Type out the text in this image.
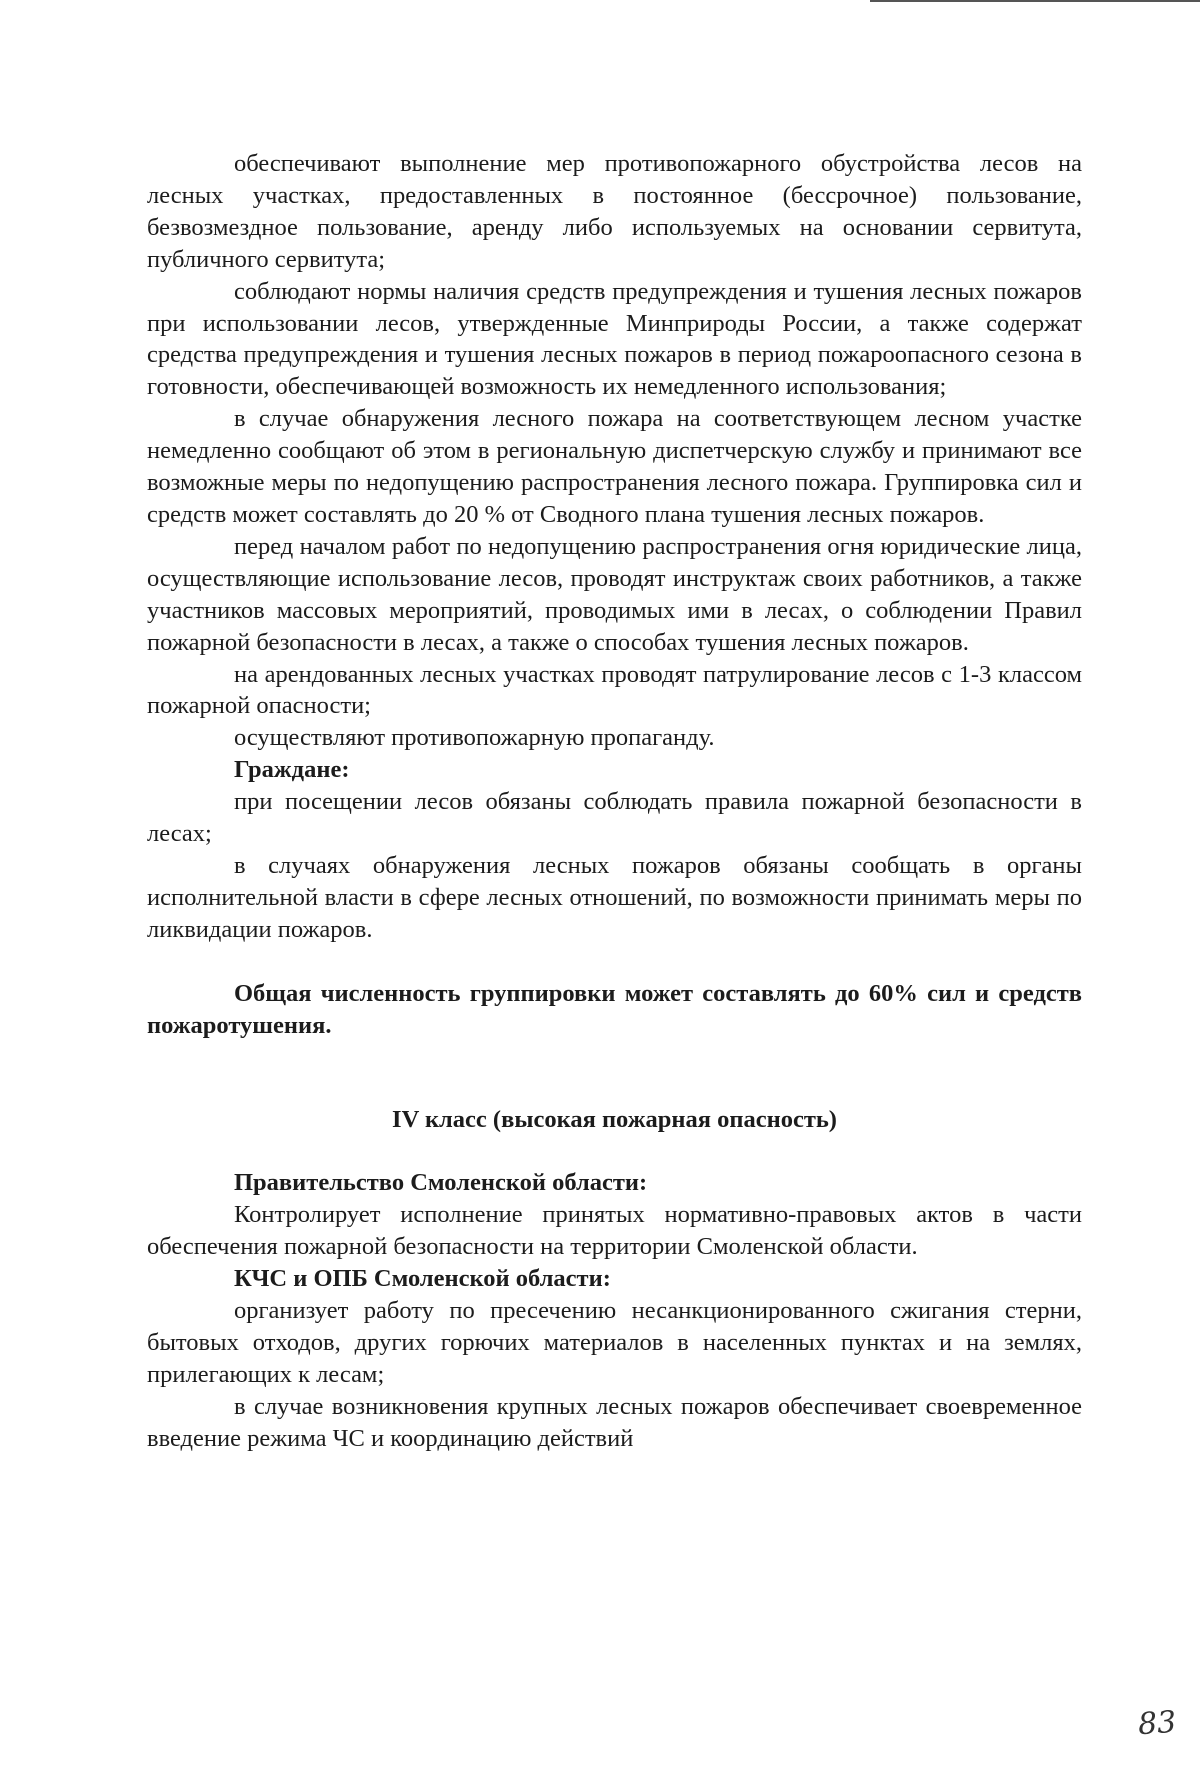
обеспечивают выполнение мер противопожарного обустройства лесов на лесных участках, предоставленных в постоянное (бессрочное) пользование, безвозмездное пользование, аренду либо используемых на основании сервитута, публичного сервитута;

соблюдают нормы наличия средств предупреждения и тушения лесных пожаров при использовании лесов, утвержденные Минприроды России, а также содержат средства предупреждения и тушения лесных пожаров в период пожароопасного сезона в готовности, обеспечивающей возможность их немедленного использования;

в случае обнаружения лесного пожара на соответствующем лесном участке немедленно сообщают об этом в региональную диспетчерскую службу и принимают все возможные меры по недопущению распространения лесного пожара. Группировка сил и средств может составлять до 20 % от Сводного плана тушения лесных пожаров.

перед началом работ по недопущению распространения огня юридические лица, осуществляющие использование лесов, проводят инструктаж своих работников, а также участников массовых мероприятий, проводимых ими в лесах, о соблюдении Правил пожарной безопасности в лесах, а также о способах тушения лесных пожаров.

на арендованных лесных участках проводят патрулирование лесов с 1-3 классом пожарной опасности;

осуществляют противопожарную пропаганду.

Граждане:

при посещении лесов обязаны соблюдать правила пожарной безопасности в лесах;

в случаях обнаружения лесных пожаров обязаны сообщать в органы исполнительной власти в сфере лесных отношений, по возможности принимать меры по ликвидации пожаров.

Общая численность группировки может составлять до 60% сил и средств пожаротушения.

IV класс (высокая пожарная опасность)

Правительство Смоленской области:

Контролирует исполнение принятых нормативно-правовых актов в части обеспечения пожарной безопасности на территории Смоленской области.

КЧС и ОПБ Смоленской области:

организует работу по пресечению несанкционированного сжигания стерни, бытовых отходов, других горючих материалов в населенных пунктах и на землях, прилегающих к лесам;

в случае возникновения крупных лесных пожаров обеспечивает своевременное введение режима ЧС и координацию действий

83
